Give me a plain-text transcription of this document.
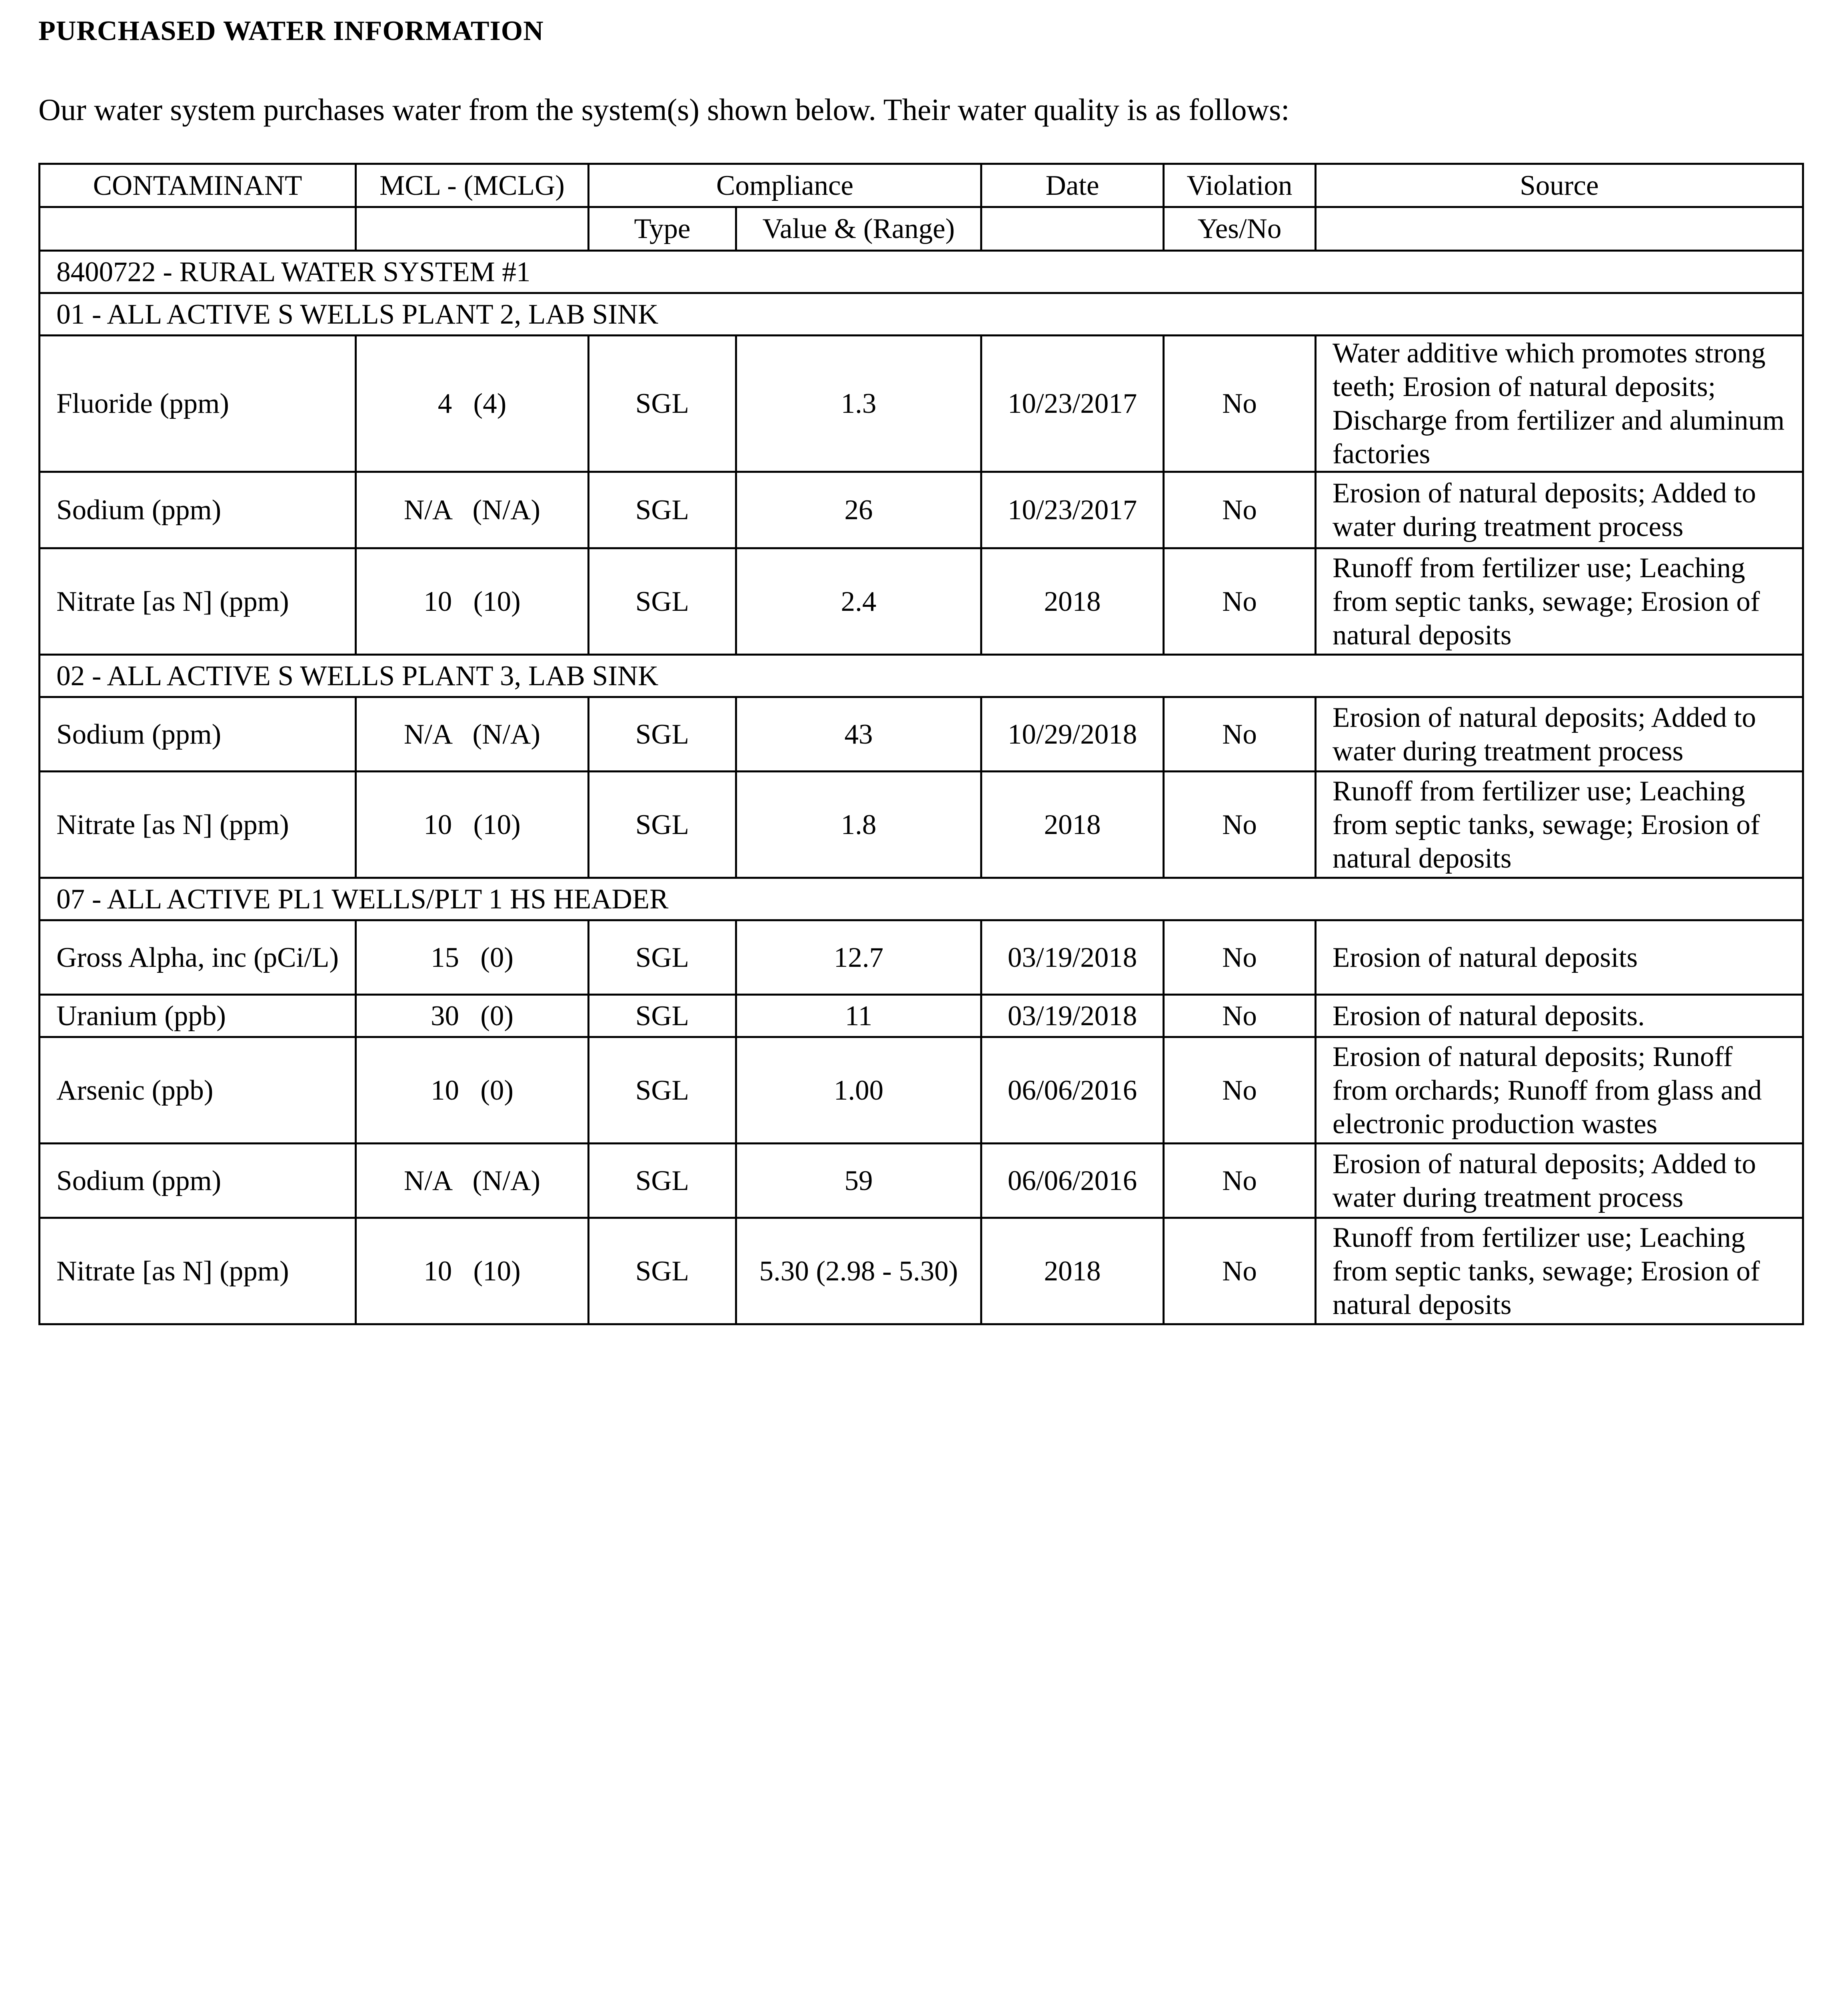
PURCHASED WATER INFORMATION
Our water system purchases water from the system(s) shown below. Their water quality is as follows:
CONTAMINANT	MCL - (MCLG)	Compliance		Date	Violation	Source
		Type	Value & (Range)		Yes/No	
8400722 - RURAL WATER SYSTEM #1						
01 - ALL ACTIVE S WELLS PLANT 2, LAB SINK						
Fluoride (ppm)	4   (4)	SGL	1.3	10/23/2017	No	Water additive which promotes strong teeth; Erosion of natural deposits; Discharge from fertilizer and aluminum factories
Sodium (ppm)	N/A   (N/A)	SGL	26	10/23/2017	No	Erosion of natural deposits; Added to water during treatment process
Nitrate [as N] (ppm)	10   (10)	SGL	2.4	2018	No	Runoff from fertilizer use; Leaching from septic tanks, sewage; Erosion of natural deposits
02 - ALL ACTIVE S WELLS PLANT 3, LAB SINK						
Sodium (ppm)	N/A   (N/A)	SGL	43	10/29/2018	No	Erosion of natural deposits; Added to water during treatment process
Nitrate [as N] (ppm)	10   (10)	SGL	1.8	2018	No	Runoff from fertilizer use; Leaching from septic tanks, sewage; Erosion of natural deposits
07 - ALL ACTIVE PL1 WELLS/PLT 1 HS HEADER						
Gross Alpha, inc (pCi/L)	15   (0)	SGL	12.7	03/19/2018	No	Erosion of natural deposits
Uranium (ppb)	30   (0)	SGL	11	03/19/2018	No	Erosion of natural deposits.
Arsenic (ppb)	10   (0)	SGL	1.00	06/06/2016	No	Erosion of natural deposits; Runoff from orchards; Runoff from glass and electronic production wastes
Sodium (ppm)	N/A   (N/A)	SGL	59	06/06/2016	No	Erosion of natural deposits; Added to water during treatment process
Nitrate [as N] (ppm)	10   (10)	SGL	5.30 (2.98 - 5.30)	2018	No	Runoff from fertilizer use; Leaching from septic tanks, sewage; Erosion of natural deposits
